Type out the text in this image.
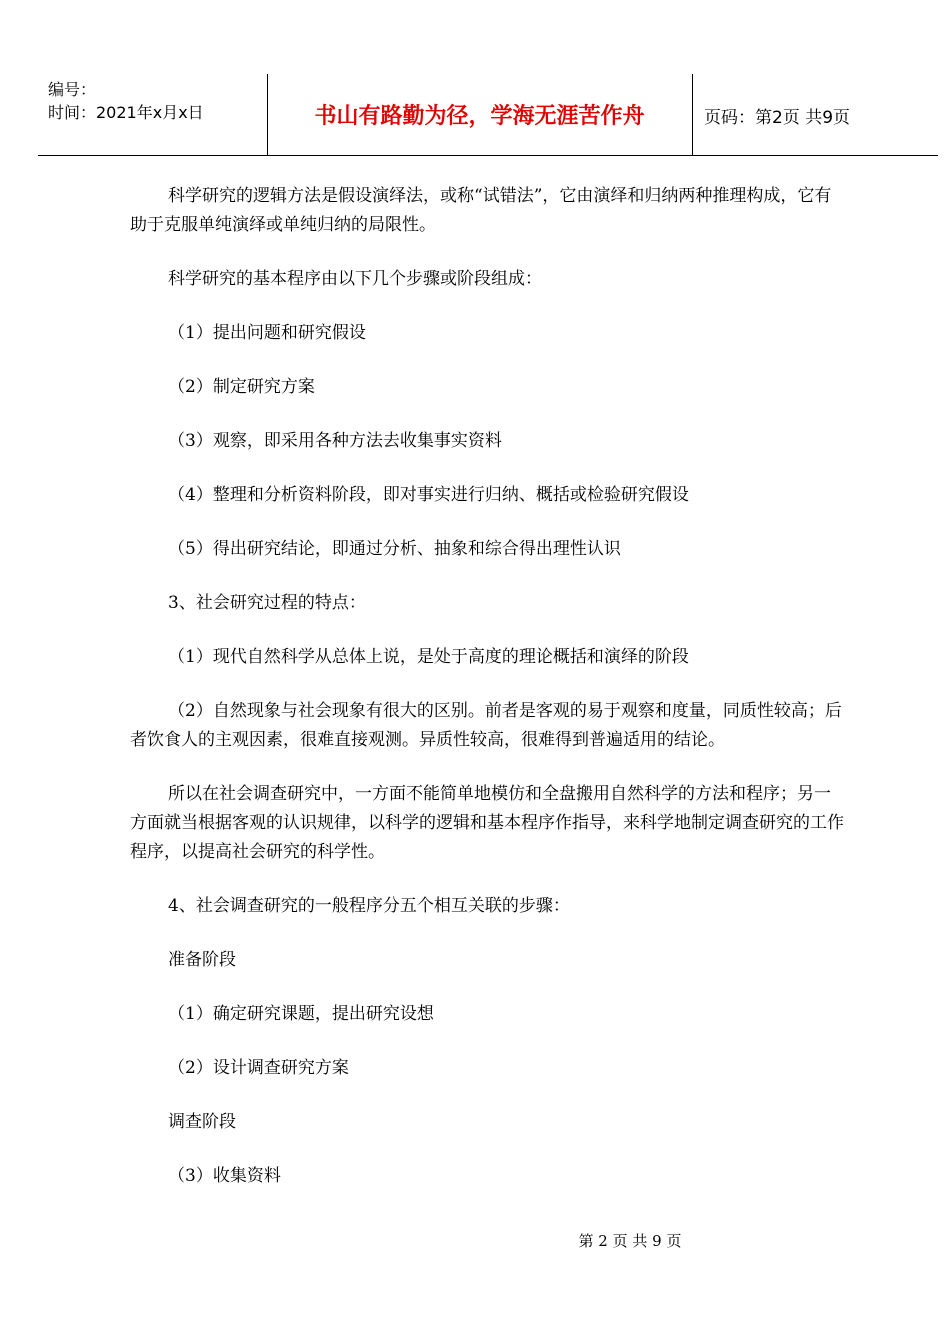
编号：
时间：2021年x月x日	书山有路勤为径，学海无涯苦作舟	页码：第2页 共9页

科学研究的逻辑方法是假设演绎法，或称“试错法”，它由演绎和归纳两种推理构成，它有助于克服单纯演绎或单纯归纳的局限性。

科学研究的基本程序由以下几个步骤或阶段组成：

（1）提出问题和研究假设

（2）制定研究方案

（3）观察，即采用各种方法去收集事实资料

（4）整理和分析资料阶段，即对事实进行归纳、概括或检验研究假设

（5）得出研究结论，即通过分析、抽象和综合得出理性认识

3、社会研究过程的特点：

（1）现代自然科学从总体上说，是处于高度的理论概括和演绎的阶段

（2）自然现象与社会现象有很大的区别。前者是客观的易于观察和度量，同质性较高；后者饮食人的主观因素，很难直接观测。异质性较高，很难得到普遍适用的结论。

所以在社会调查研究中，一方面不能简单地模仿和全盘搬用自然科学的方法和程序；另一方面就当根据客观的认识规律，以科学的逻辑和基本程序作指导，来科学地制定调查研究的工作程序，以提高社会研究的科学性。

4、社会调查研究的一般程序分五个相互关联的步骤：

准备阶段

（1）确定研究课题，提出研究设想

（2）设计调查研究方案

调查阶段

（3）收集资料

第 2 页 共 9 页
